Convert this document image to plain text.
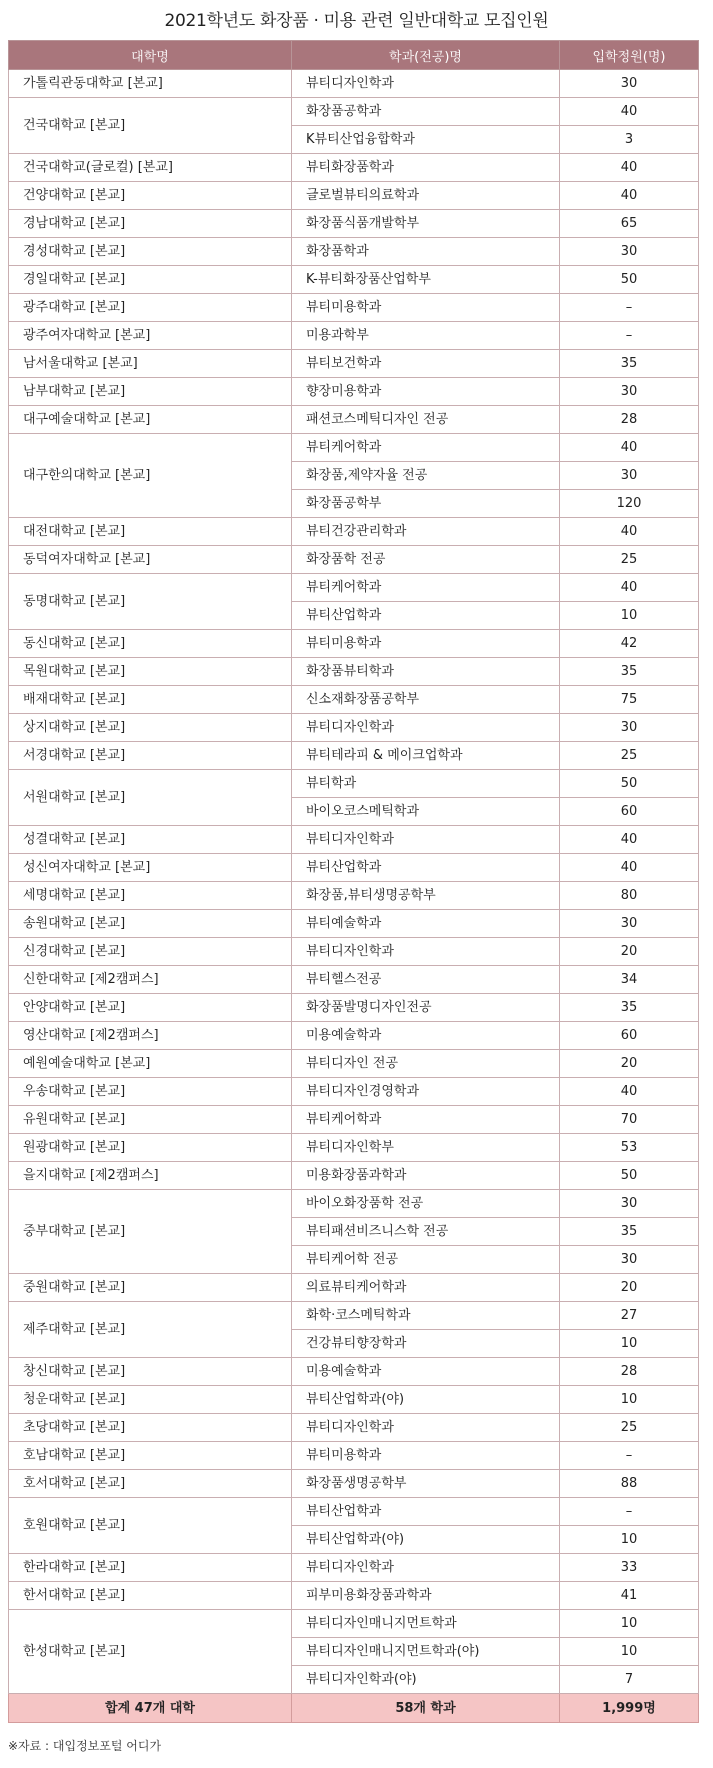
2021학년도 화장품 · 미용 관련 일반대학교 모집인원
대학명	학과(전공)명	입학정원(명)
가톨릭관동대학교 [본교]	뷰티디자인학과	30
건국대학교 [본교]	화장품공학과	40
	K뷰티산업융합학과	3
건국대학교(글로컬) [본교]	뷰티화장품학과	40
건양대학교 [본교]	글로벌뷰티의료학과	40
경남대학교 [본교]	화장품식품개발학부	65
경성대학교 [본교]	화장품학과	30
경일대학교 [본교]	K-뷰티화장품산업학부	50
광주대학교 [본교]	뷰티미용학과	–
광주여자대학교 [본교]	미용과학부	–
남서울대학교 [본교]	뷰티보건학과	35
남부대학교 [본교]	향장미용학과	30
대구예술대학교 [본교]	패션코스메틱디자인 전공	28
대구한의대학교 [본교]	뷰티케어학과	40
	화장품,제약자율 전공	30
	화장품공학부	120
대전대학교 [본교]	뷰티건강관리학과	40
동덕여자대학교 [본교]	화장품학 전공	25
동명대학교 [본교]	뷰티케어학과	40
	뷰티산업학과	10
동신대학교 [본교]	뷰티미용학과	42
목원대학교 [본교]	화장품뷰티학과	35
배재대학교 [본교]	신소재화장품공학부	75
상지대학교 [본교]	뷰티디자인학과	30
서경대학교 [본교]	뷰티테라피 & 메이크업학과	25
서원대학교 [본교]	뷰티학과	50
	바이오코스메틱학과	60
성결대학교 [본교]	뷰티디자인학과	40
성신여자대학교 [본교]	뷰티산업학과	40
세명대학교 [본교]	화장품,뷰티생명공학부	80
송원대학교 [본교]	뷰티예술학과	30
신경대학교 [본교]	뷰티디자인학과	20
신한대학교 [제2캠퍼스]	뷰티헬스전공	34
안양대학교 [본교]	화장품발명디자인전공	35
영산대학교 [제2캠퍼스]	미용예술학과	60
예원예술대학교 [본교]	뷰티디자인 전공	20
우송대학교 [본교]	뷰티디자인경영학과	40
유원대학교 [본교]	뷰티케어학과	70
원광대학교 [본교]	뷰티디자인학부	53
을지대학교 [제2캠퍼스]	미용화장품과학과	50
중부대학교 [본교]	바이오화장품학 전공	30
	뷰티패션비즈니스학 전공	35
	뷰티케어학 전공	30
중원대학교 [본교]	의료뷰티케어학과	20
제주대학교 [본교]	화학·코스메틱학과	27
	건강뷰티향장학과	10
창신대학교 [본교]	미용예술학과	28
청운대학교 [본교]	뷰티산업학과(야)	10
초당대학교 [본교]	뷰티디자인학과	25
호남대학교 [본교]	뷰티미용학과	–
호서대학교 [본교]	화장품생명공학부	88
호원대학교 [본교]	뷰티산업학과	–
	뷰티산업학과(야)	10
한라대학교 [본교]	뷰티디자인학과	33
한서대학교 [본교]	피부미용화장품과학과	41
한성대학교 [본교]	뷰티디자인매니지먼트학과	10
	뷰티디자인매니지먼트학과(야)	10
	뷰티디자인학과(야)	7
합계 47개 대학	58개 학과	1,999명
※자료 : 대입정보포털 어디가
